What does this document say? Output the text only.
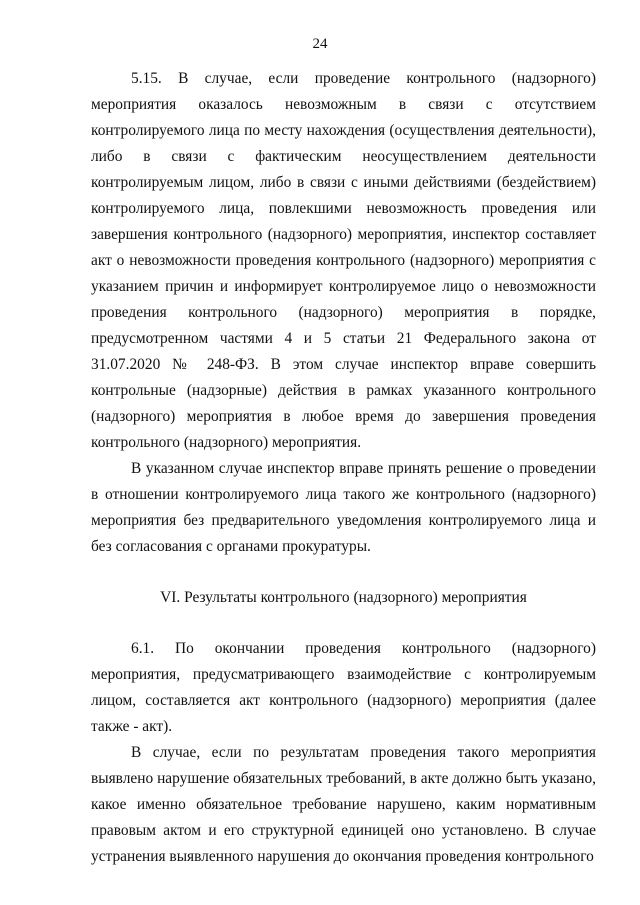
24

5.15. В случае, если проведение контрольного (надзорного) мероприятия оказалось невозможным в связи с отсутствием контролируемого лица по месту нахождения (осуществления деятельности), либо в связи с фактическим неосуществлением деятельности контролируемым лицом, либо в связи с иными действиями (бездействием) контролируемого лица, повлекшими невозможность проведения или завершения контрольного (надзорного) мероприятия, инспектор составляет акт о невозможности проведения контрольного (надзорного) мероприятия с указанием причин и информирует контролируемое лицо о невозможности проведения контрольного (надзорного) мероприятия в порядке, предусмотренном частями 4 и 5 статьи 21 Федерального закона от 31.07.2020 № 248-ФЗ. В этом случае инспектор вправе совершить контрольные (надзорные) действия в рамках указанного контрольного (надзорного) мероприятия в любое время до завершения проведения контрольного (надзорного) мероприятия.

В указанном случае инспектор вправе принять решение о проведении в отношении контролируемого лица такого же контрольного (надзорного) мероприятия без предварительного уведомления контролируемого лица и без согласования с органами прокуратуры.

VI. Результаты контрольного (надзорного) мероприятия

6.1. По окончании проведения контрольного (надзорного) мероприятия, предусматривающего взаимодействие с контролируемым лицом, составляется акт контрольного (надзорного) мероприятия (далее также - акт).

В случае, если по результатам проведения такого мероприятия выявлено нарушение обязательных требований, в акте должно быть указано, какое именно обязательное требование нарушено, каким нормативным правовым актом и его структурной единицей оно установлено. В случае устранения выявленного нарушения до окончания проведения контрольного
